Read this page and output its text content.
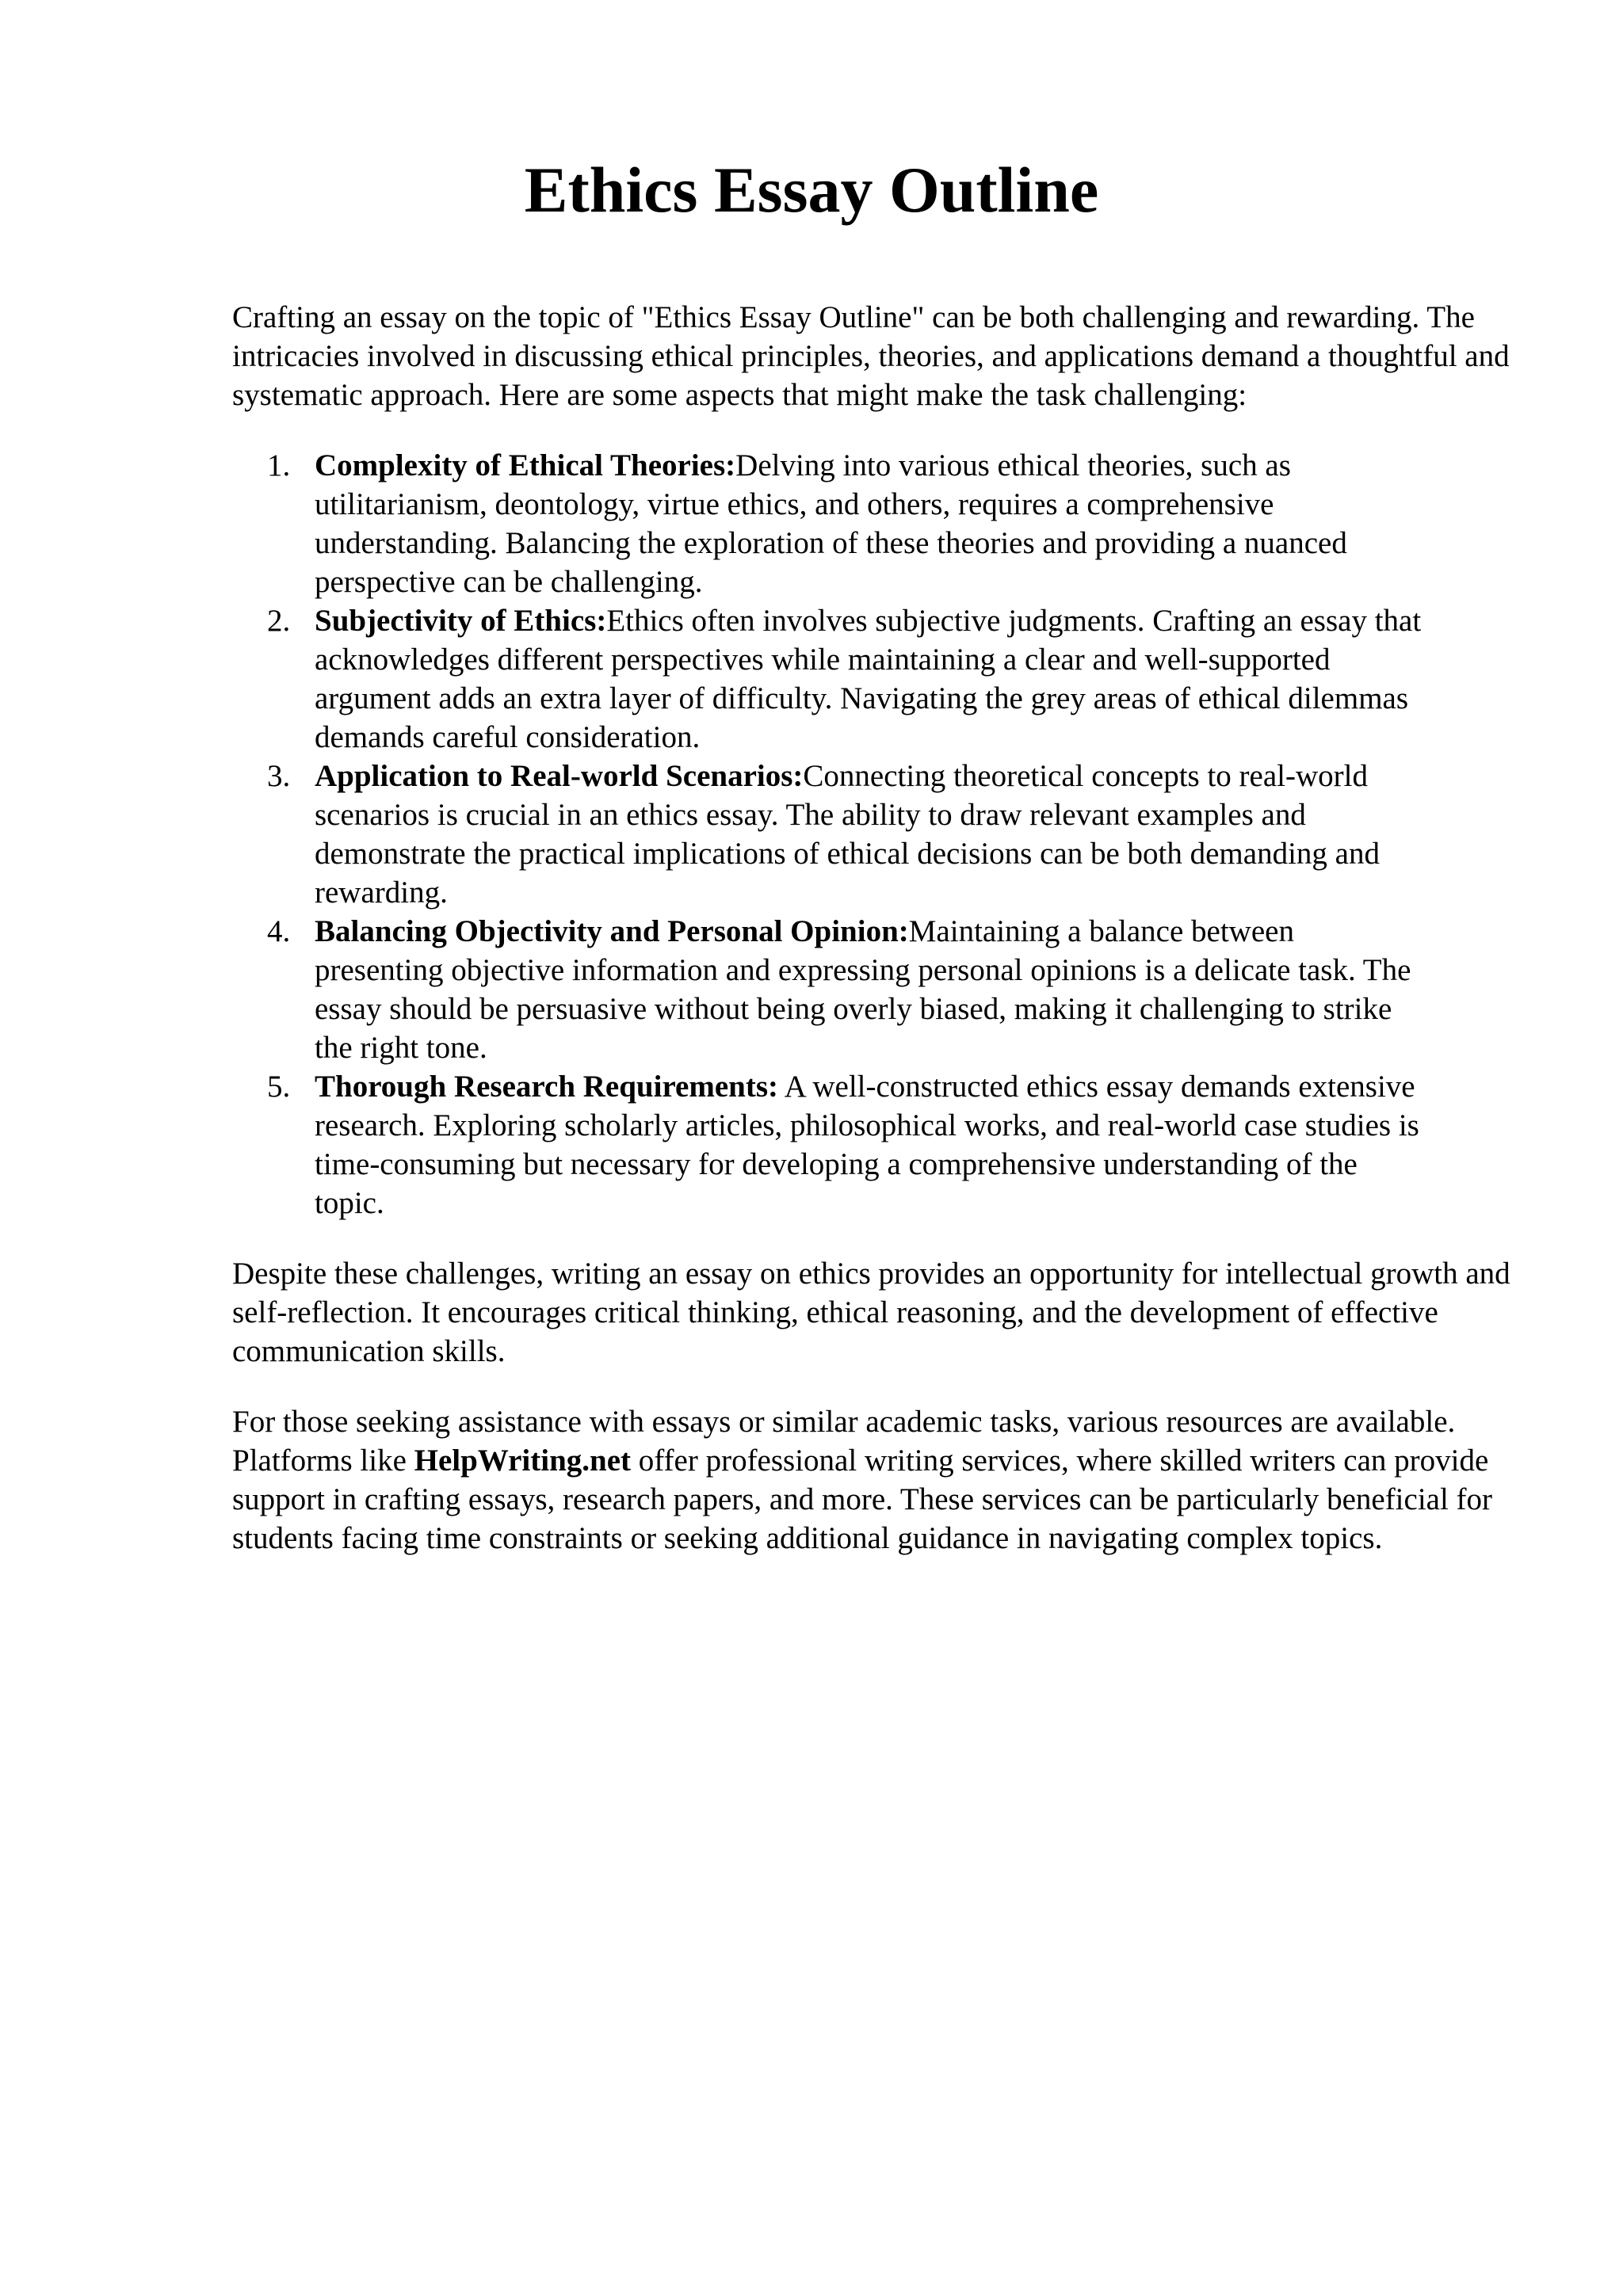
Ethics Essay Outline

Crafting an essay on the topic of "Ethics Essay Outline" can be both challenging and rewarding. The intricacies involved in discussing ethical principles, theories, and applications demand a thoughtful and systematic approach. Here are some aspects that might make the task challenging:

1. Complexity of Ethical Theories:Delving into various ethical theories, such as utilitarianism, deontology, virtue ethics, and others, requires a comprehensive understanding. Balancing the exploration of these theories and providing a nuanced perspective can be challenging.
2. Subjectivity of Ethics:Ethics often involves subjective judgments. Crafting an essay that acknowledges different perspectives while maintaining a clear and well-supported argument adds an extra layer of difficulty. Navigating the grey areas of ethical dilemmas demands careful consideration.
3. Application to Real-world Scenarios:Connecting theoretical concepts to real-world scenarios is crucial in an ethics essay. The ability to draw relevant examples and demonstrate the practical implications of ethical decisions can be both demanding and rewarding.
4. Balancing Objectivity and Personal Opinion:Maintaining a balance between presenting objective information and expressing personal opinions is a delicate task. The essay should be persuasive without being overly biased, making it challenging to strike the right tone.
5. Thorough Research Requirements: A well-constructed ethics essay demands extensive research. Exploring scholarly articles, philosophical works, and real-world case studies is time-consuming but necessary for developing a comprehensive understanding of the topic.

Despite these challenges, writing an essay on ethics provides an opportunity for intellectual growth and self-reflection. It encourages critical thinking, ethical reasoning, and the development of effective communication skills.

For those seeking assistance with essays or similar academic tasks, various resources are available. Platforms like HelpWriting.net offer professional writing services, where skilled writers can provide support in crafting essays, research papers, and more. These services can be particularly beneficial for students facing time constraints or seeking additional guidance in navigating complex topics.
